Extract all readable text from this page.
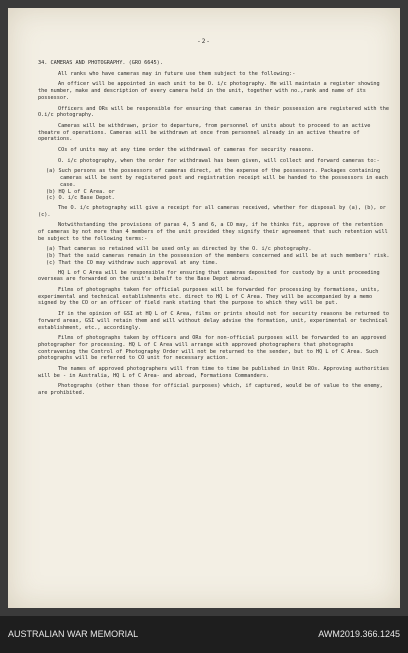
-2-

34. CAMERAS AND PHOTOGRAPHY. (GRO 6645).

All ranks who have cameras may in future use them subject to the following:-

An officer will be appointed in each unit to be O. i/c photography. He will maintain a register showing the number, make and description of every camera held in the unit, together with no.,rank and name of its possessor.

Officers and ORs will be responsible for ensuring that cameras in their possession are registered with the O.i/c photography.

Cameras will be withdrawn, prior to departure, from personnel of units about to proceed to an active theatre of operations. Cameras will be withdrawn at once from personnel already in an active theatre of operations.

COs of units may at any time order the withdrawal of cameras for security reasons.

O. i/c photography, when the order for withdrawal has been given, will collect and forward cameras to:-

(a) Such persons as the possessors of cameras direct, at the expense of the possessors. Packages containing cameras will be sent by registered post and registration receipt will be handed to the possessors in each case.

(b) HQ L of C Area. or

(c) O. i/c Base Depot.

The O. i/c photography will give a receipt for all cameras received, whether for disposal by (a), (b), or (c).

Notwithstanding the provisions of paras 4, 5 and 6, a CO may, if he thinks fit, approve of the retention of cameras by not more than 4 members of the unit provided they signify their agreement that such retention will be subject to the following terms:-

(a) That cameras so retained will be used only as directed by the O. i/c photography.

(b) That the said cameras remain in the possession of the members concerned and will be at such members' risk.

(c) That the CO may withdraw such approval at any time.

HQ L of C Area will be responsible for ensuring that cameras deposited for custody by a unit proceeding overseas are forwarded on the unit's behalf to the Base Depot abroad.

Films of photographs taken for official purposes will be forwarded for processing by formations, units, experimental and technical establishments etc. direct to HQ L of C Area. They will be accompanied by a memo signed by the CO or an officer of field rank stating that the purpose to which they will be put.

If in the opinion of GSI at HQ L of C Area, films or prints should not for security reasons be returned to forward areas, GSI will retain them and will without delay advise the formation, unit, experimental or technical establishment, etc., accordingly.

Films of photographs taken by officers and ORs for non-official purposes will be forwarded to an approved photographer for processing. HQ L of C Area will arrange with approved photographers that photographs contravening the Control of Photography Order will not be returned to the sender, but to HQ L of C Area. Such photographs will be referred to CO unit for necessary action.

The names of approved photographers will from time to time be published in Unit ROs. Approving authorities will be - in Australia, HQ L of C Area- and abroad, Formations Commanders.

Photographs (other than those for official purposes) which, if captured, would be of value to the enemy, are prohibited.

AUSTRALIAN WAR MEMORIAL	AWM2019.366.1245
